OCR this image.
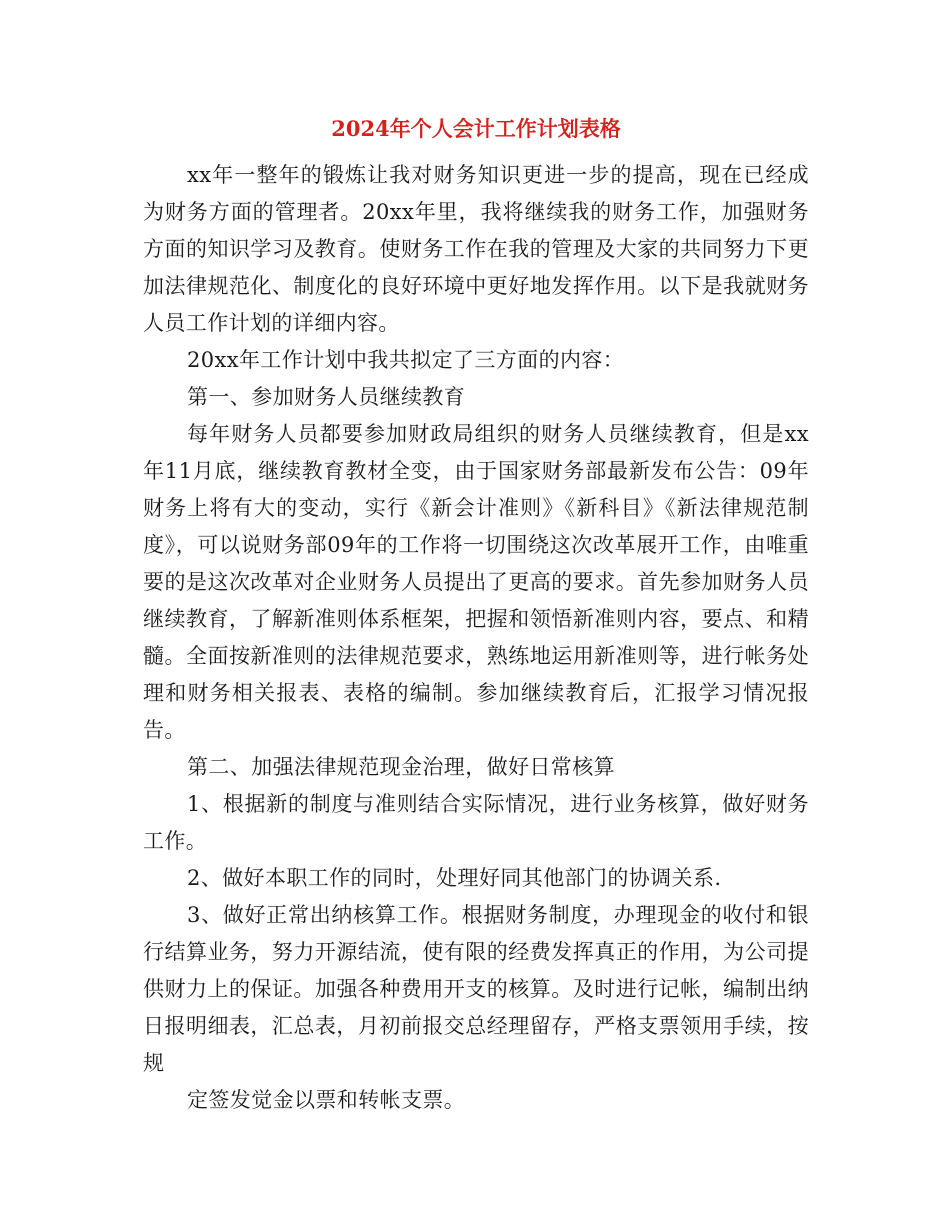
2024年个人会计工作计划表格

xx年一整年的锻炼让我对财务知识更进一步的提高，现在已经成为财务方面的管理者。20xx年里，我将继续我的财务工作，加强财务方面的知识学习及教育。使财务工作在我的管理及大家的共同努力下更加法律规范化、制度化的良好环境中更好地发挥作用。以下是我就财务人员工作计划的详细内容。

20xx年工作计划中我共拟定了三方面的内容：

第一、参加财务人员继续教育

每年财务人员都要参加财政局组织的财务人员继续教育，但是xx年11月底，继续教育教材全变，由于国家财务部最新发布公告：09年财务上将有大的变动，实行《新会计准则》《新科目》《新法律规范制度》，可以说财务部09年的工作将一切围绕这次改革展开工作，由唯重要的是这次改革对企业财务人员提出了更高的要求。首先参加财务人员继续教育，了解新准则体系框架，把握和领悟新准则内容，要点、和精髓。全面按新准则的法律规范要求，熟练地运用新准则等，进行帐务处理和财务相关报表、表格的编制。参加继续教育后，汇报学习情况报告。

第二、加强法律规范现金治理，做好日常核算

1、根据新的制度与准则结合实际情况，进行业务核算，做好财务工作。

2、做好本职工作的同时，处理好同其他部门的协调关系.

3、做好正常出纳核算工作。根据财务制度，办理现金的收付和银行结算业务，努力开源结流，使有限的经费发挥真正的作用，为公司提供财力上的保证。加强各种费用开支的核算。及时进行记帐，编制出纳日报明细表，汇总表，月初前报交总经理留存，严格支票领用手续，按规

定签发觉金以票和转帐支票。
